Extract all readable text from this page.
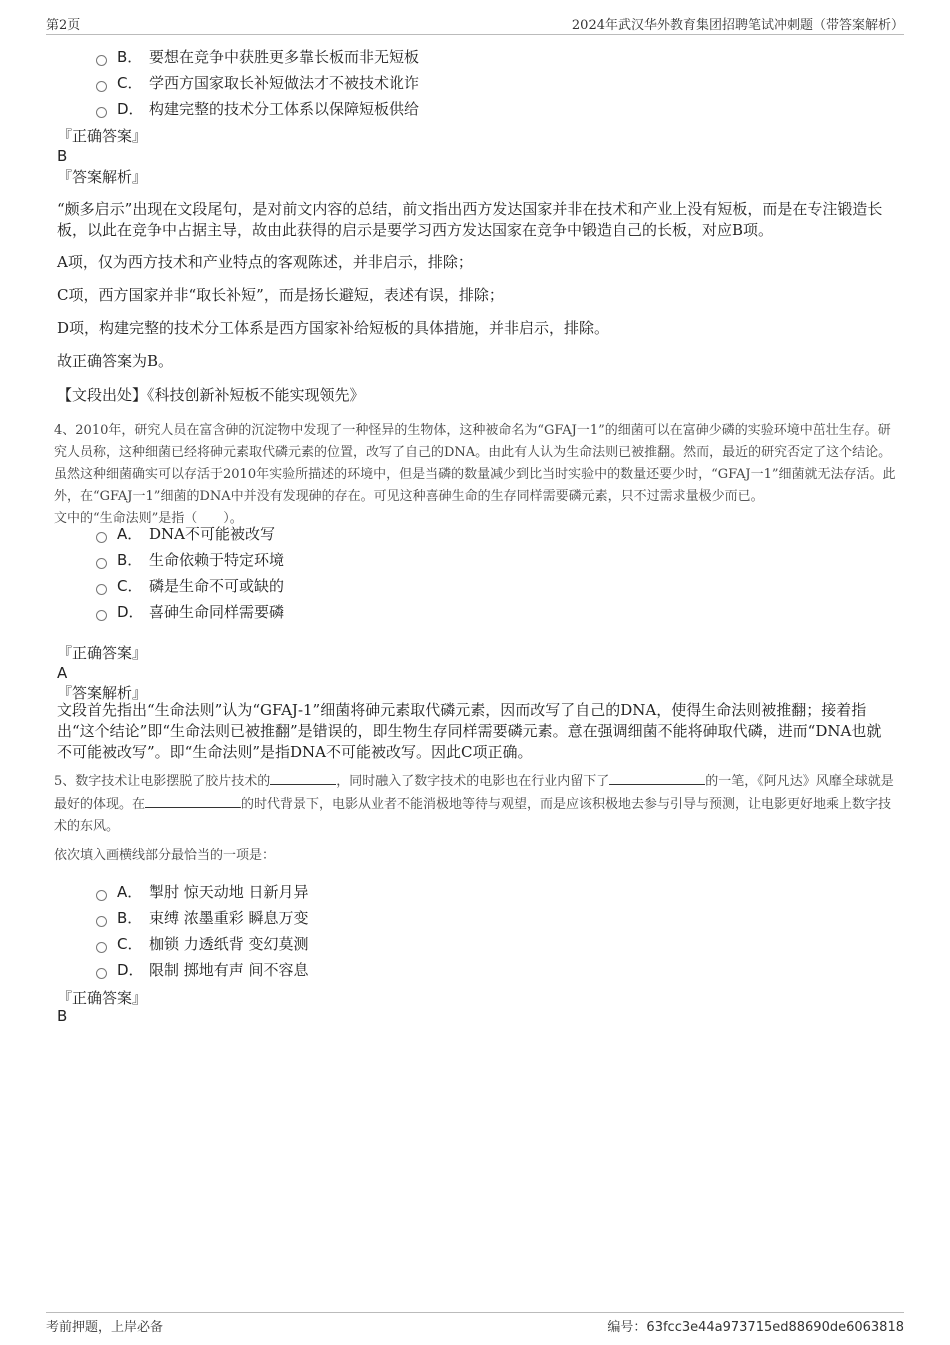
第2页	2024年武汉华外教育集团招聘笔试冲刺题（带答案解析）
B． 要想在竞争中获胜更多靠长板而非无短板
C． 学西方国家取长补短做法才不被技术讹诈
D． 构建完整的技术分工体系以保障短板供给
『正确答案』
B
『答案解析』
“颇多启示”出现在文段尾句，是对前文内容的总结，前文指出西方发达国家并非在技术和产业上没有短板，而是在专注锻造长板，以此在竞争中占据主导，故由此获得的启示是要学习西方发达国家在竞争中锻造自己的长板，对应B项。
A项，仅为西方技术和产业特点的客观陈述，并非启示，排除；
C项，西方国家并非“取长补短”，而是扬长避短，表述有误，排除；
D项，构建完整的技术分工体系是西方国家补给短板的具体措施，并非启示，排除。
故正确答案为B。
【文段出处】《科技创新补短板不能实现领先》
4、2010年，研究人员在富含砷的沉淀物中发现了一种怪异的生物体，这种被命名为“GFAJ一1”的细菌可以在富砷少磷的实验环境中茁壮生存。研究人员称，这种细菌已经将砷元素取代磷元素的位置，改写了自己的DNA。由此有人认为生命法则已被推翻。然而，最近的研究否定了这个结论。虽然这种细菌确实可以存活于2010年实验所描述的环境中，但是当磷的数量减少到比当时实验中的数量还要少时，“GFAJ一1”细菌就无法存活。此外，在“GFAJ一1”细菌的DNA中并没有发现砷的存在。可见这种喜砷生命的生存同样需要磷元素，只不过需求量极少而已。
文中的“生命法则”是指（　　）。
A． DNA不可能被改写
B． 生命依赖于特定环境
C． 磷是生命不可或缺的
D． 喜砷生命同样需要磷
『正确答案』
A
『答案解析』
文段首先指出“生命法则”认为“GFAJ-1”细菌将砷元素取代磷元素，因而改写了自己的DNA，使得生命法则被推翻；接着指出“这个结论”即“生命法则已被推翻”是错误的，即生物生存同样需要磷元素。意在强调细菌不能将砷取代磷，进而“DNA也就不可能被改写”。即“生命法则”是指DNA不可能被改写。因此C项正确。
5、数字技术让电影摆脱了胶片技术的	，同时融入了数字技术的电影也在行业内留下了	的一笔，《阿凡达》风靡全球就是最好的体现。在	的时代背景下，电影从业者不能消极地等待与观望，而是应该积极地去参与引导与预测，让电影更好地乘上数字技术的东风。
依次填入画横线部分最恰当的一项是：
A． 掣肘 惊天动地 日新月异
B． 束缚 浓墨重彩 瞬息万变
C． 枷锁 力透纸背 变幻莫测
D． 限制 掷地有声 间不容息
『正确答案』
B
考前押题，上岸必备	编号：63fcc3e44a973715ed88690de6063818
